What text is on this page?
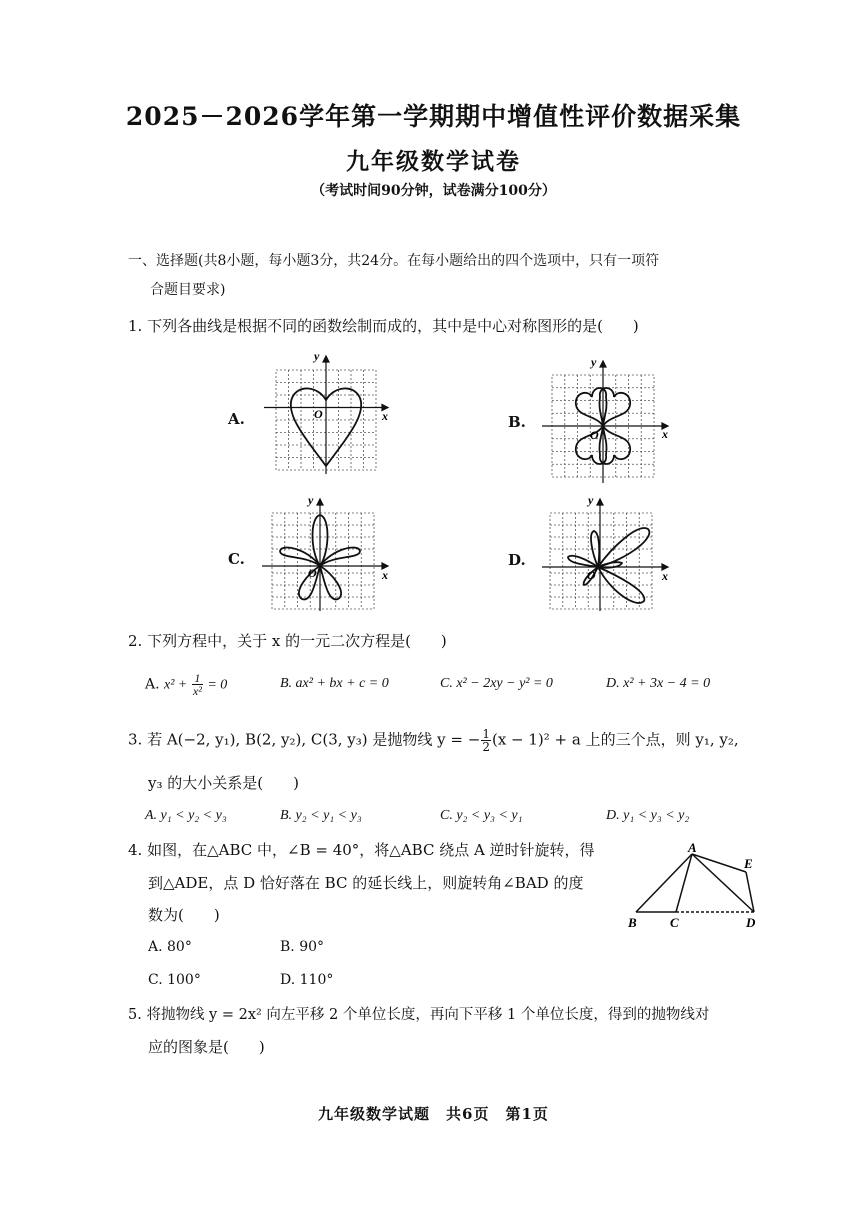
2025－2026学年第一学期期中增值性评价数据采集
九年级数学试卷
（考试时间90分钟，试卷满分100分）
一、选择题(共8小题，每小题3分，共24分。在每小题给出的四个选项中，只有一项符
合题目要求)
1. 下列各曲线是根据不同的函数绘制而成的，其中是中心对称图形的是(　　)
A.	B.
C.	D.
x
y
O
x
y
O
x
y
O	x
y
O
2. 下列方程中，关于 x 的一元二次方程是(　　)
A. $x^2 + \frac{1}{\text{x²}} = 0$	B. ax² + bx + c = 0	C. x² − 2xy − y² = 0	D. x² + 3x − 4 = 0
3. 若 A(−2, y₁), B(2, y₂), C(3, y₃) 是抛物线 y = − $\frac{1}{2} (x - 1)^2 + a$ 上的三个点，则 y₁, y₂,
y₃ 的大小关系是(　　)
A. y₁ < y₂ < y₃	B. y₂ < y₁ < y₃	C. y₂ < y₃ < y₁	D. y₁ < y₃ < y₂
4. 如图，在△ABC 中，∠B = 40°，将△ABC 绕点 A 逆时针旋转，得
到△ADE，点 D 恰好落在 BC 的延长线上，则旋转角∠BAD 的度
数为(　　)
A. 80°	B. 90°
C. 100°	D. 110°
A
B	C	D
E
5. 将抛物线 y = 2x² 向左平移 2 个单位长度，再向下平移 1 个单位长度，得到的抛物线对
应的图象是(　　)
九年级数学试题　共6页　第1页
